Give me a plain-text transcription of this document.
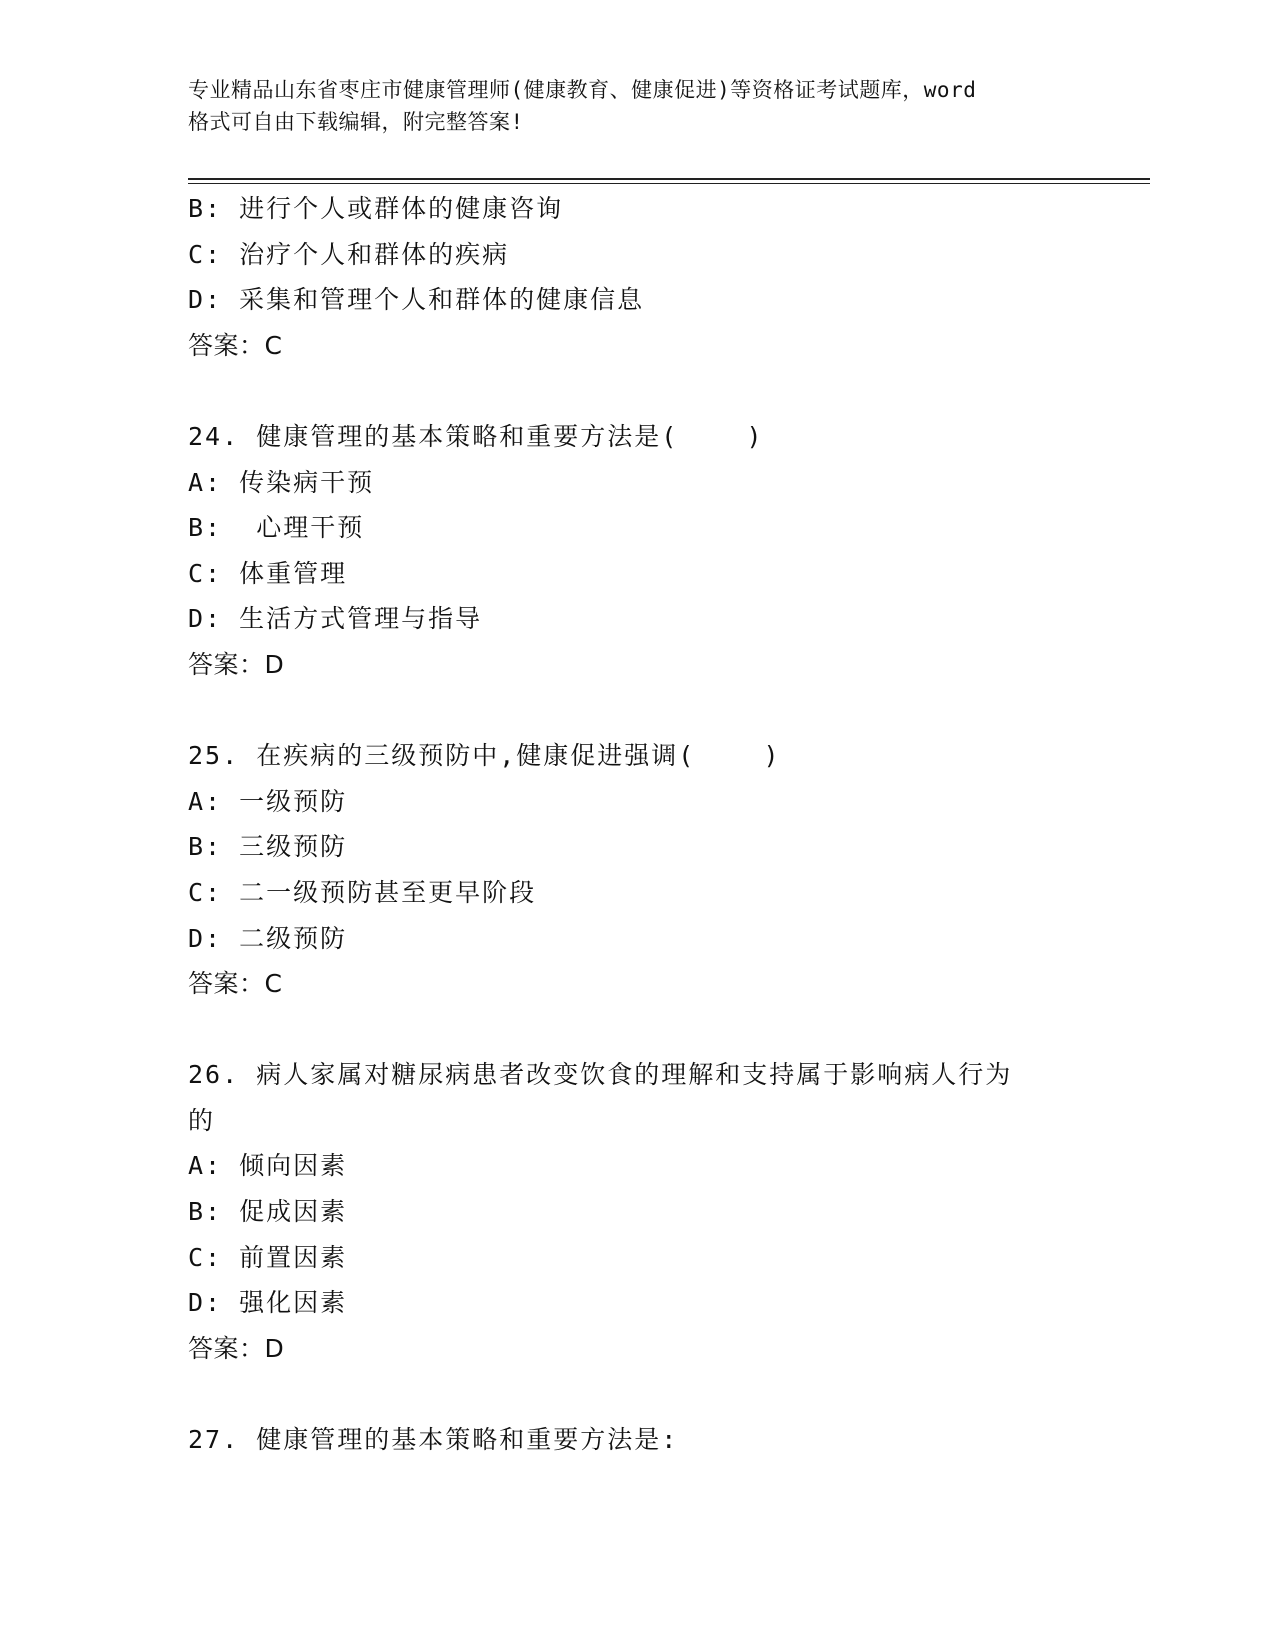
专业精品山东省枣庄市健康管理师(健康教育、健康促进)等资格证考试题库，word
格式可自由下载编辑，附完整答案!
B: 进行个人或群体的健康咨询
C: 治疗个人和群体的疾病
D: 采集和管理个人和群体的健康信息
答案：C
24. 健康管理的基本策略和重要方法是(    )
A: 传染病干预
B:  心理干预
C: 体重管理
D: 生活方式管理与指导
答案：D
25. 在疾病的三级预防中,健康促进强调(    )
A: 一级预防
B: 三级预防
C: 二一级预防甚至更早阶段
D: 二级预防
答案：C
26. 病人家属对糖尿病患者改变饮食的理解和支持属于影响病人行为
的
A: 倾向因素
B: 促成因素
C: 前置因素
D: 强化因素
答案：D
27. 健康管理的基本策略和重要方法是:
